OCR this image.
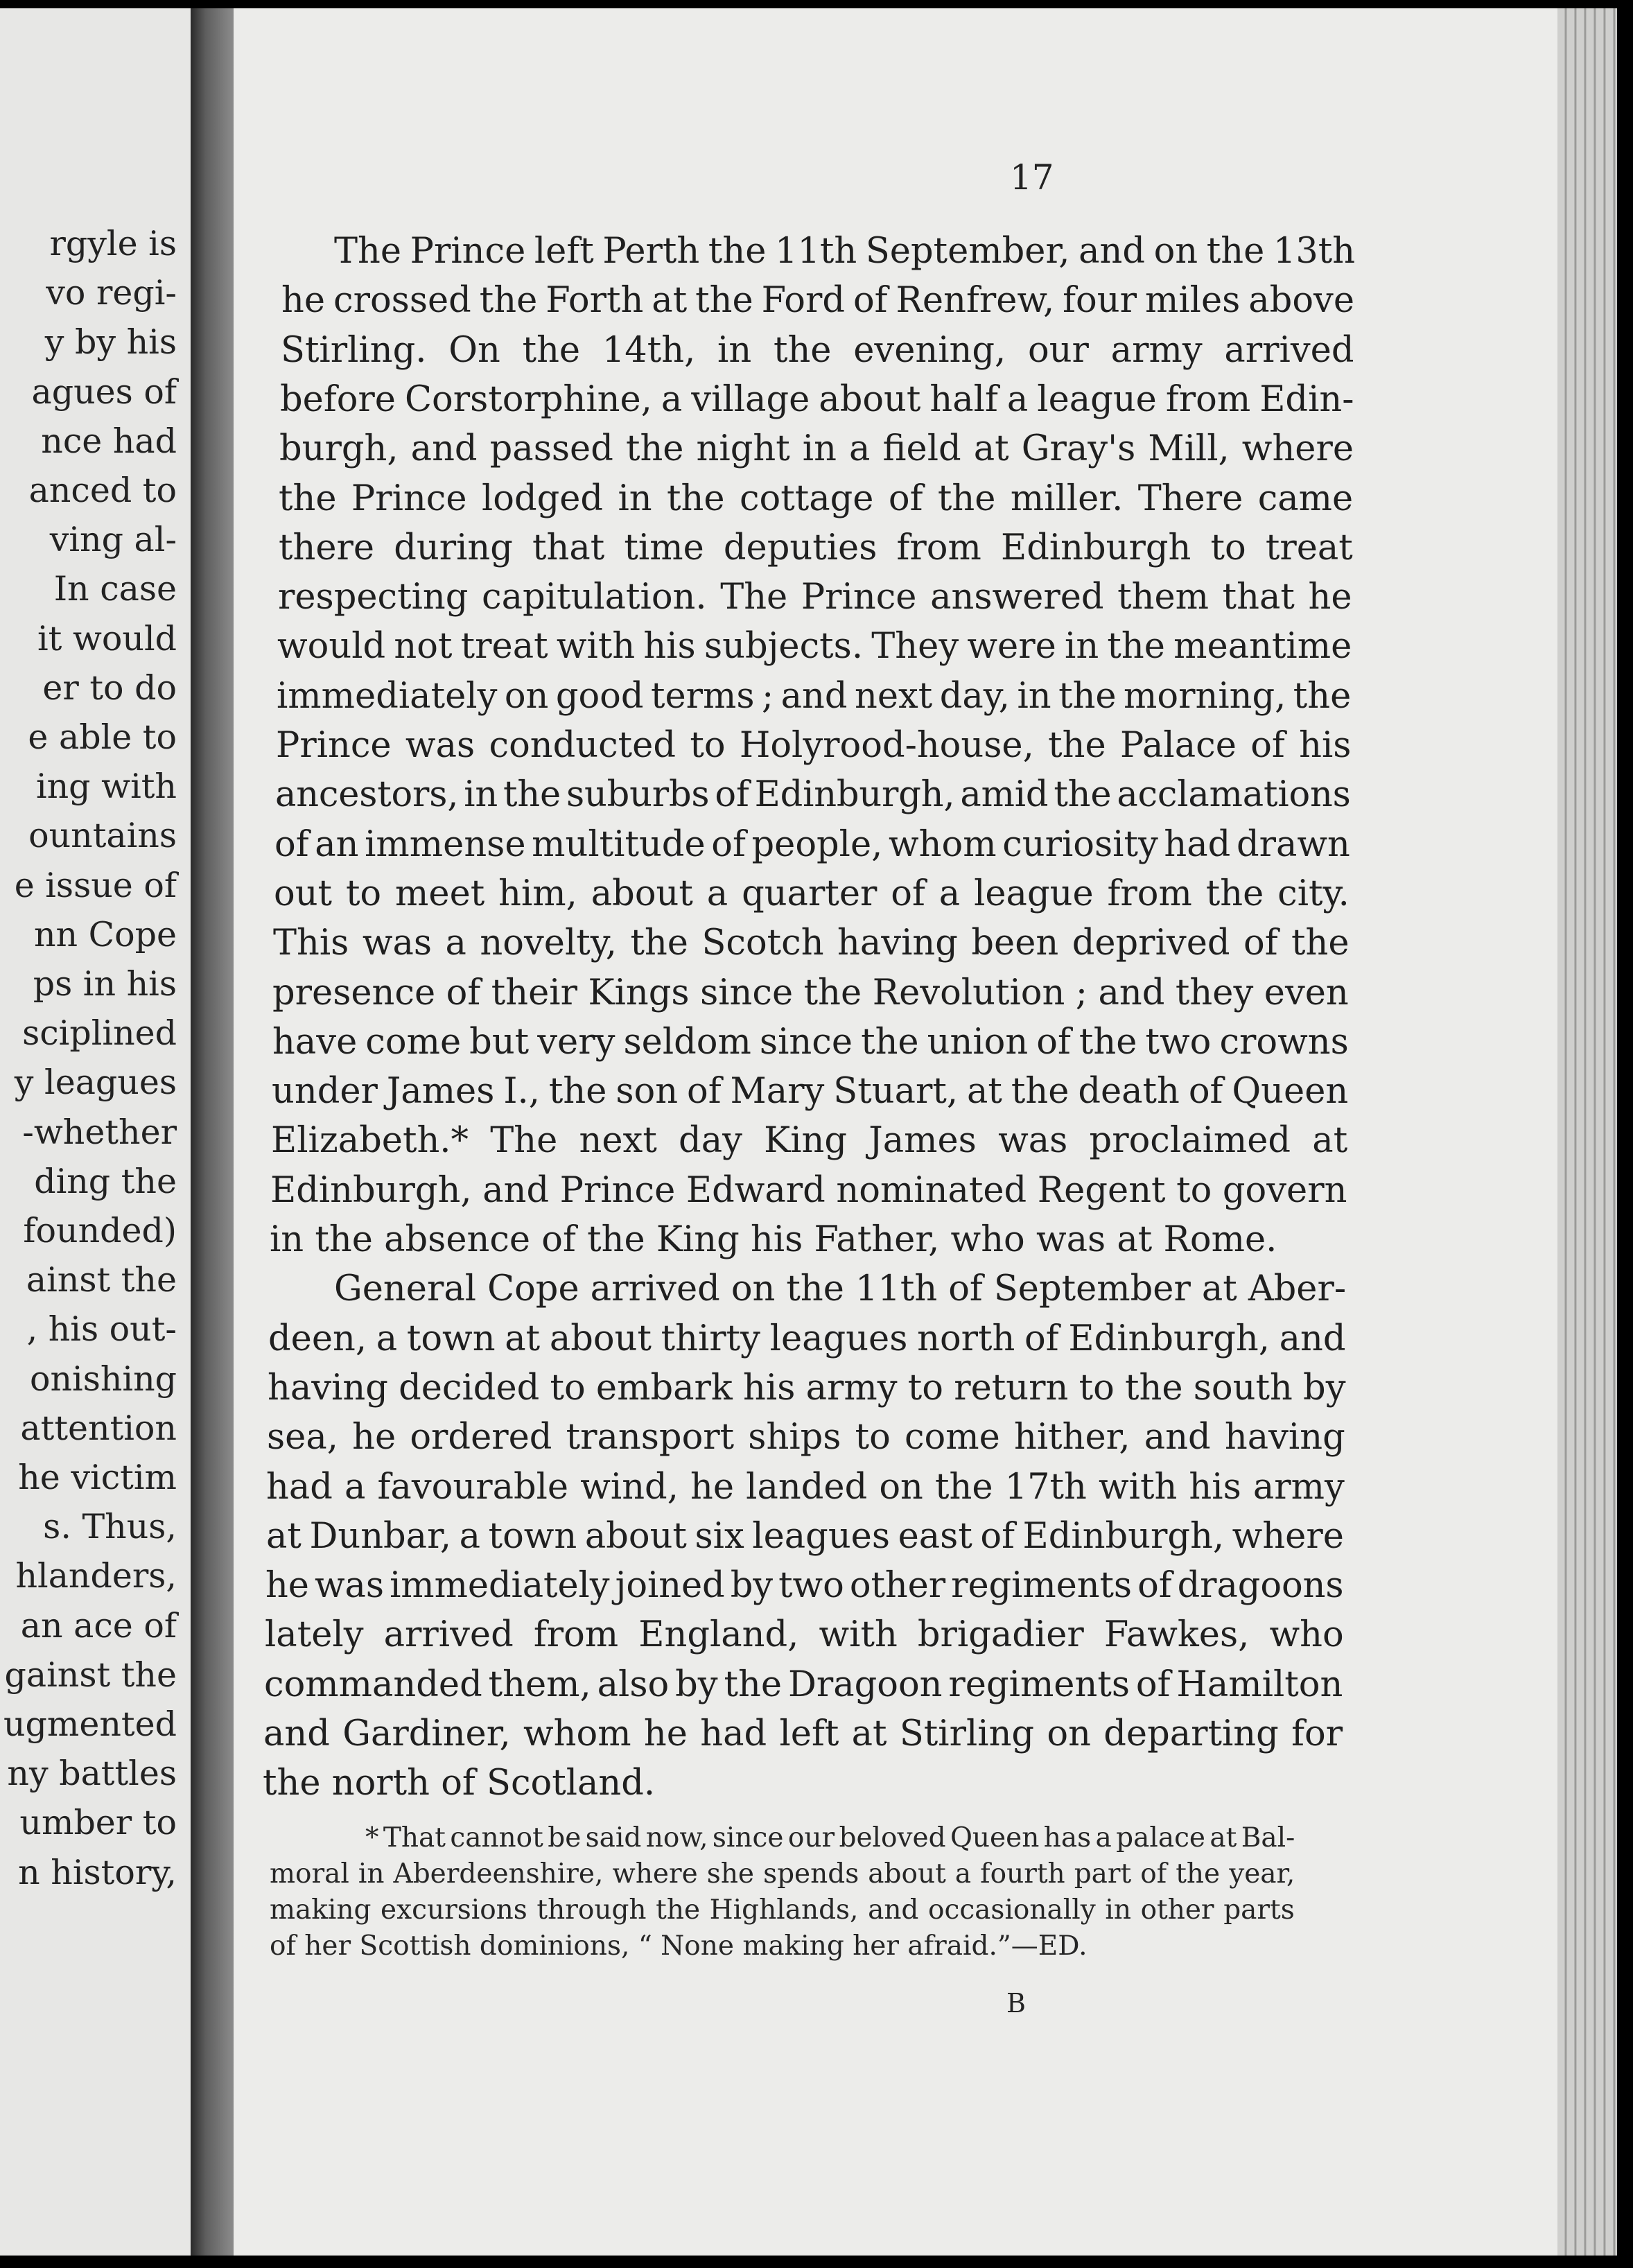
rgyle is
vo regi-
y by his
agues of
nce had
anced to
ving al-
In case
it would
er to do
e able to
ing with
ountains
e issue of
nn Cope
ps in his
sciplined
y leagues
-whether
ding the
founded)
ainst the
, his out-
onishing
attention
he victim
s. Thus,
hlanders,
an ace of
gainst the
ugmented
ny battles
umber to
n history,
17
The Prince left Perth the 11th September, and on the 13th
he crossed the Forth at the Ford of Renfrew, four miles above
Stirling. On the 14th, in the evening, our army arrived
before Corstorphine, a village about half a league from Edin-
burgh, and passed the night in a field at Gray's Mill, where
the Prince lodged in the cottage of the miller. There came
there during that time deputies from Edinburgh to treat
respecting capitulation. The Prince answered them that he
would not treat with his subjects. They were in the meantime
immediately on good terms ; and next day, in the morning, the
Prince was conducted to Holyrood-house, the Palace of his
ancestors, in the suburbs of Edinburgh, amid the acclamations
of an immense multitude of people, whom curiosity had drawn
out to meet him, about a quarter of a league from the city.
This was a novelty, the Scotch having been deprived of the
presence of their Kings since the Revolution ; and they even
have come but very seldom since the union of the two crowns
under James I., the son of Mary Stuart, at the death of Queen
Elizabeth.* The next day King James was proclaimed at
Edinburgh, and Prince Edward nominated Regent to govern
in the absence of the King his Father, who was at Rome.
General Cope arrived on the 11th of September at Aber-
deen, a town at about thirty leagues north of Edinburgh, and
having decided to embark his army to return to the south by
sea, he ordered transport ships to come hither, and having
had a favourable wind, he landed on the 17th with his army
at Dunbar, a town about six leagues east of Edinburgh, where
he was immediately joined by two other regiments of dragoons
lately arrived from England, with brigadier Fawkes, who
commanded them, also by the Dragoon regiments of Hamilton
and Gardiner, whom he had left at Stirling on departing for
the north of Scotland.
* That cannot be said now, since our beloved Queen has a palace at Bal-
moral in Aberdeenshire, where she spends about a fourth part of the year,
making excursions through the Highlands, and occasionally in other parts
of her Scottish dominions, “ None making her afraid.”—ED.
B
